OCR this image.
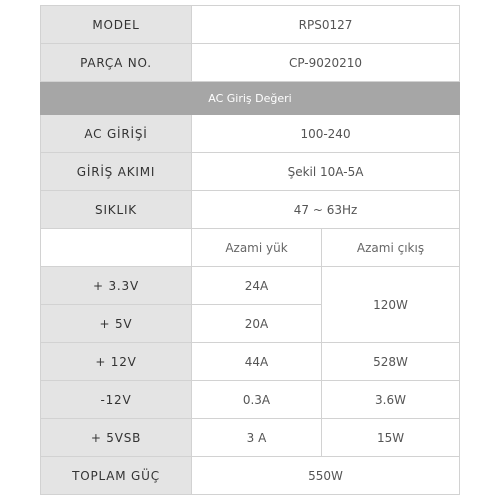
MODEL	RPS0127	
PARÇA NO.	CP-9020210	
AC Giriş Değeri		
AC GİRİŞİ	100-240	
GİRİŞ AKIMI	Şekil 10A-5A	
SIKLIK	47 ~ 63Hz	
	Azami yük	Azami çıkış
+ 3.3V	24A	120W
+ 5V	20A	
+ 12V	44A	528W
-12V	0.3A	3.6W
+ 5VSB	3 A	15W
TOPLAM GÜÇ	550W	
